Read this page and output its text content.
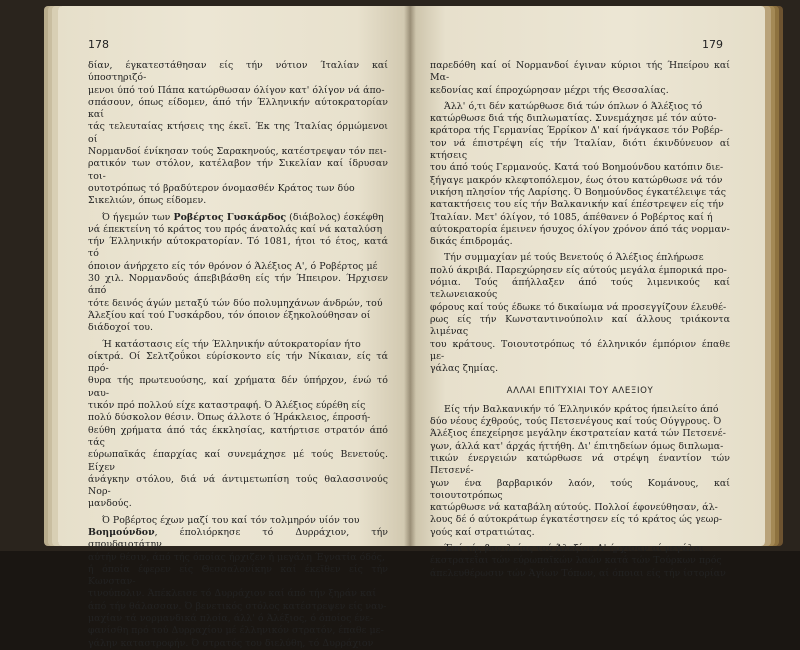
178

δίαν, έγκατεστάθησαν είς τήν νότιον Ίταλίαν καί ύποστηριζό-

μενοι ύπό τού Πάπα κατώρθωσαν όλίγον κατ' όλίγον νά άπο-

σπάσουν, όπως είδομεν, άπό τήν Έλληνικήν αύτοκρατορίαν καί

τάς τελευταίας κτήσεις της έκεϊ. Έκ της Ίταλίας όρμώμενοι οί

Νορμανδοί ένίκησαν τούς Σαρακηνούς, κατέστρεψαν τόν πει-

ρατικόν των στόλον, κατέλαβον τήν Σικελίαν καί ίδρυσαν τοι-

ουτοτρόπως τό βραδύτερον όνομασθέν Κράτος των δύο

Σικελιών, όπως είδομεν.

Ό ήγεμών των Ροβέρτος Γυσκάρδος (διάβολος) έσκέφθη

νά έπεκτείνη τό κράτος του πρός άνατολάς καί νά καταλύση

τήν Έλληνικήν αύτοκρατορίαν. Τό 1081, ήτοι τό έτος, κατά τό

όποιον άνήρχετο είς τόν θρόνον ό Άλέξιος Α', ό Ροβέρτος μέ

30 χιλ. Νορμανδούς άπεβιβάσθη είς τήν Ήπειρον. Ήρχισεν άπό

τότε δεινός άγών μεταξύ τών δύο πολυμηχάνων άνδρών, τού

Άλεξίου καί τού Γυσκάρδου, τόν όποιον έξηκολούθησαν οί

διάδοχοί του.

Ή κατάστασις είς τήν Έλληνικήν αύτοκρατορίαν ήτο

οίκτρά. Οί Σελτζοΰκοι εύρίσκοντο είς τήν Νίκαιαν, είς τά πρό-

θυρα τής πρωτευούσης, καί χρήματα δέν ύπήρχον, ένώ τό ναυ-

τικόν πρό πολλού είχε καταστραφή. Ό Άλέξιος εύρέθη είς

πολύ δύσκολον θέσιν. Όπως άλλοτε ό Ήράκλειος, έπροσή-

θεύθη χρήματα άπό τάς έκκλησίας, κατήρτισε στρατόν άπό τάς

εύρωπαϊκάς έπαρχίας καί συνεμάχησε μέ τούς Βενετούς. Είχεν

άνάγκην στόλου, διά νά άντιμετωπίση τούς θαλασσινούς Νορ-

μανδούς.

Ό Ροβέρτος έχων μαζί του καί τόν τολμηρόν υίόν του

Βοημούνδον, έπολιόρκησε τό Δυρράχιον, τήν σπουδαιοτάτην

αύτήν θέσιν, άπό τής όποίας ήρχιζεν ή μεγάλη Έγνατία όδός,

ή όποία έφερεν είς Θεσσαλονίκην καί έκεϊθεν είς τήν Κωνσταν-

τινούπολιν. Άπέκλεισε τό Δυρράχιον καί άπό τήν ξηράν καί

άπό τήν θάλασσαν. Ό βενετικός στόλος κατέστρεψεν είς ναυ-

μαχίαν τά νορμανδικά πλοία, άλλ' ό Άλέξιος, ό όποίος ένε-

φανίσθη πρό τού Δυρραχίου μέ έλληνικόν στρατόν, έπαθε με-

γάλην καταστροφήν. Ό στρατός του διελύθη, τό Δυρράχιον

179

παρεδόθη καί οί Νορμανδοί έγιναν κύριοι τής Ήπείρου καί Μα-

κεδονίας καί έπροχώρησαν μέχρι τής Θεσσαλίας.

Άλλ' ό,τι δέν κατώρθωσε διά τών όπλων ό Άλέξιος τό

κατώρθωσε διά τής διπλωματίας. Συνεμάχησε μέ τόν αύτο-

κράτορα τής Γερμανίας Έρρίκον Δ' καί ήνάγκασε τόν Ροβέρ-

τον νά έπιστρέψη είς τήν Ίταλίαν, διότι έκινδύνευον αί κτήσεις

του άπό τούς Γερμανούς. Κατά τού Βοημούνδου κατόπιν διε-

ξήγαγε μακρόν κλεφτοπόλεμον, έως ότου κατώρθωσε νά τόν

νικήση πλησίον τής Λαρίσης. Ό Βοημούνδος έγκατέλειψε τάς

κατακτήσεις του είς τήν Βαλκανικήν καί έπέστρεψεν είς τήν

Ίταλίαν. Μετ' όλίγον, τό 1085, άπέθανεν ό Ροβέρτος καί ή

αύτοκρατορία έμεινεν ήσυχος όλίγον χρόνον άπό τάς νορμαν-

δικάς έπιδρομάς.

Τήν συμμαχίαν μέ τούς Βενετούς ό Άλέξιος έπλήρωσε

πολύ άκριβά. Παρεχώρησεν είς αύτούς μεγάλα έμπορικά προ-

νόμια. Τούς άπήλλαξεν άπό τούς λιμενικούς καί τελωνειακούς

φόρους καί τούς έδωκε τό δικαίωμα νά προσεγγίζουν έλευθέ-

ρως είς τήν Κωνσταντινούπολιν καί άλλους τριάκοντα λιμένας

του κράτους. Τοιουτοτρόπως τό έλληνικόν έμπόριον έπαθε με-

γάλας ζημίας.

ΑΛΛΑΙ ΕΠΙΤΥΧΙΑΙ ΤΟΥ ΑΛΕΞΙΟΥ

Είς τήν Βαλκανικήν τό Έλληνικόν κράτος ήπειλείτο άπό

δύο νέους έχθρούς, τούς Πετσενέγους καί τούς Ούγγρους. Ό

Άλέξιος έπεχείρησε μεγάλην έκστρατείαν κατά τών Πετσενέ-

γων, άλλά κατ' άρχάς ήττήθη. Δι' έπιτηδείων όμως διπλωμα-

τικών ένεργειών κατώρθωσε νά στρέψη έναντίον τών Πετσενέ-

γων ένα βαρβαρικόν λαόν, τούς Κομάνους, καί τοιουτοτρόπως

κατώρθωσε νά καταβάλη αύτούς. Πολλοί έφονεύθησαν, άλ-

λους δέ ό αύτοκράτωρ έγκατέστησεν είς τό κράτος ώς γεωρ-

γούς καί στρατιώτας.

Έπί τής βασιλείας τού Άλεξίου Α' ήρχισαν αί μεγάλαι

έκστρατεΐαι τών εύρωπαϊκών λαών κατά τών Τούρκων πρός

άπελευθέρωσιν τών Άγίων Τόπων, αί όποιαι είς τήν ίστορίαν
